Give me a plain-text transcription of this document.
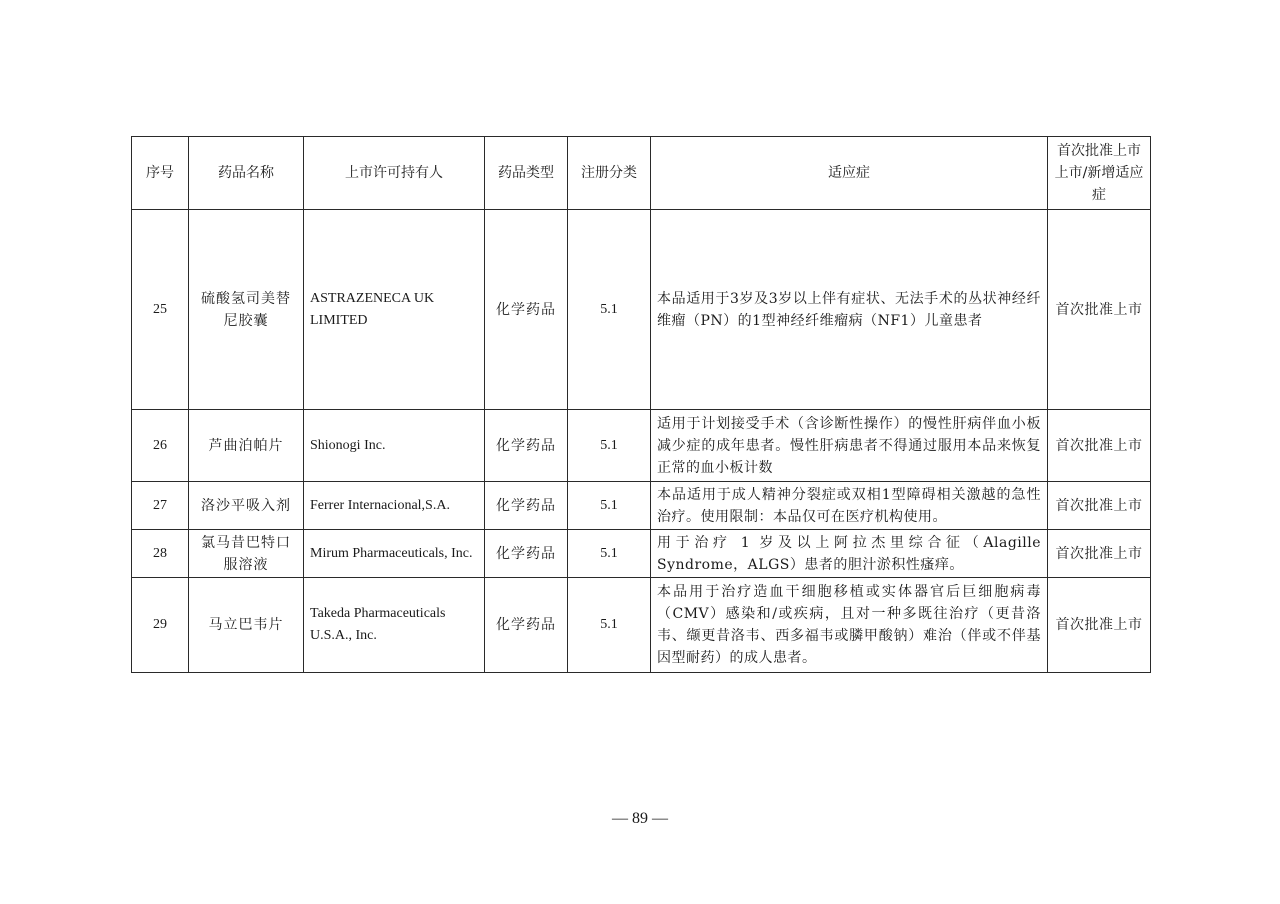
序号	药品名称	上市许可持有人	药品类型	注册分类	适应症	首次批准上市上市/新增适应症
25	硫酸氢司美替尼胶囊	ASTRAZENECA UK LIMITED	化学药品	5.1	本品适用于3岁及3岁以上伴有症状、无法手术的丛状神经纤维瘤（PN）的1型神经纤维瘤病（NF1）儿童患者	首次批准上市
26	芦曲泊帕片	Shionogi Inc.	化学药品	5.1	适用于计划接受手术（含诊断性操作）的慢性肝病伴血小板减少症的成年患者。慢性肝病患者不得通过服用本品来恢复正常的血小板计数	首次批准上市
27	洛沙平吸入剂	Ferrer Internacional,S.A.	化学药品	5.1	本品适用于成人精神分裂症或双相1型障碍相关激越的急性治疗。使用限制：本品仅可在医疗机构使用。	首次批准上市
28	氯马昔巴特口服溶液	Mirum Pharmaceuticals, Inc.	化学药品	5.1	用于治疗 1 岁及以上阿拉杰里综合征（Alagille Syndrome，ALGS）患者的胆汁淤积性瘙痒。	首次批准上市
29	马立巴韦片	Takeda Pharmaceuticals U.S.A., Inc.	化学药品	5.1	本品用于治疗造血干细胞移植或实体器官后巨细胞病毒（CMV）感染和/或疾病，且对一种多既往治疗（更昔洛韦、缬更昔洛韦、西多福韦或膦甲酸钠）难治（伴或不伴基因型耐药）的成人患者。	首次批准上市
— 89 —
